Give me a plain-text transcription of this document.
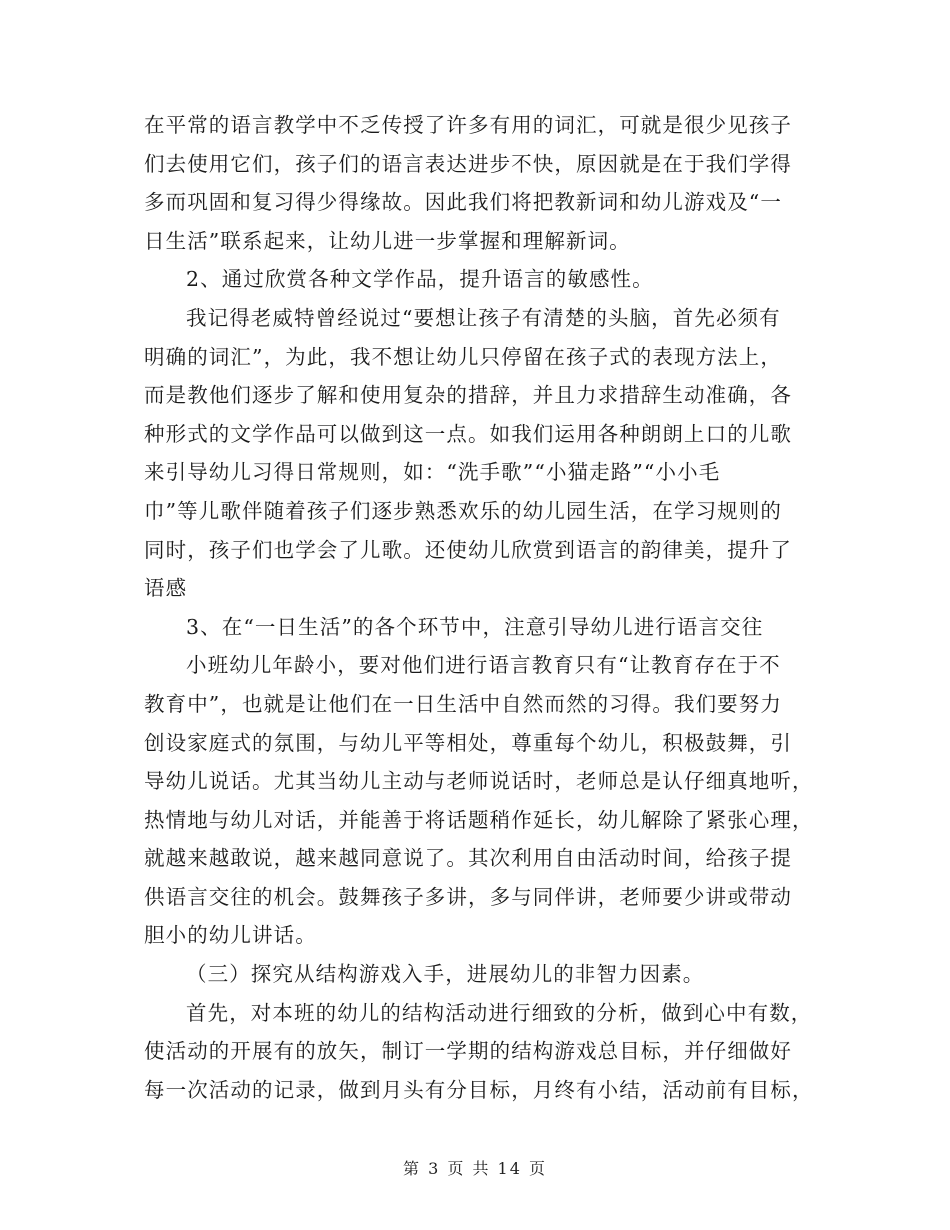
在平常的语言教学中不乏传授了许多有用的词汇，可就是很少见孩子
们去使用它们，孩子们的语言表达进步不快，原因就是在于我们学得
多而巩固和复习得少得缘故。因此我们将把教新词和幼儿游戏及“一
日生活”联系起来，让幼儿进一步掌握和理解新词。
2、通过欣赏各种文学作品，提升语言的敏感性。
我记得老威特曾经说过“要想让孩子有清楚的头脑，首先必须有
明确的词汇”，为此，我不想让幼儿只停留在孩子式的表现方法上，
而是教他们逐步了解和使用复杂的措辞，并且力求措辞生动准确，各
种形式的文学作品可以做到这一点。如我们运用各种朗朗上口的儿歌
来引导幼儿习得日常规则，如：“洗手歌”“小猫走路”“小小毛
巾”等儿歌伴随着孩子们逐步熟悉欢乐的幼儿园生活，在学习规则的
同时，孩子们也学会了儿歌。还使幼儿欣赏到语言的韵律美，提升了
语感
3、在“一日生活”的各个环节中，注意引导幼儿进行语言交往
小班幼儿年龄小，要对他们进行语言教育只有“让教育存在于不
教育中”，也就是让他们在一日生活中自然而然的习得。我们要努力
创设家庭式的氛围，与幼儿平等相处，尊重每个幼儿，积极鼓舞，引
导幼儿说话。尤其当幼儿主动与老师说话时，老师总是认仔细真地听，
热情地与幼儿对话，并能善于将话题稍作延长，幼儿解除了紧张心理，
就越来越敢说，越来越同意说了。其次利用自由活动时间，给孩子提
供语言交往的机会。鼓舞孩子多讲，多与同伴讲，老师要少讲或带动
胆小的幼儿讲话。
（三）探究从结构游戏入手，进展幼儿的非智力因素。
首先，对本班的幼儿的结构活动进行细致的分析，做到心中有数，
使活动的开展有的放矢，制订一学期的结构游戏总目标，并仔细做好
每一次活动的记录，做到月头有分目标，月终有小结，活动前有目标，
第 3 页 共 14 页
